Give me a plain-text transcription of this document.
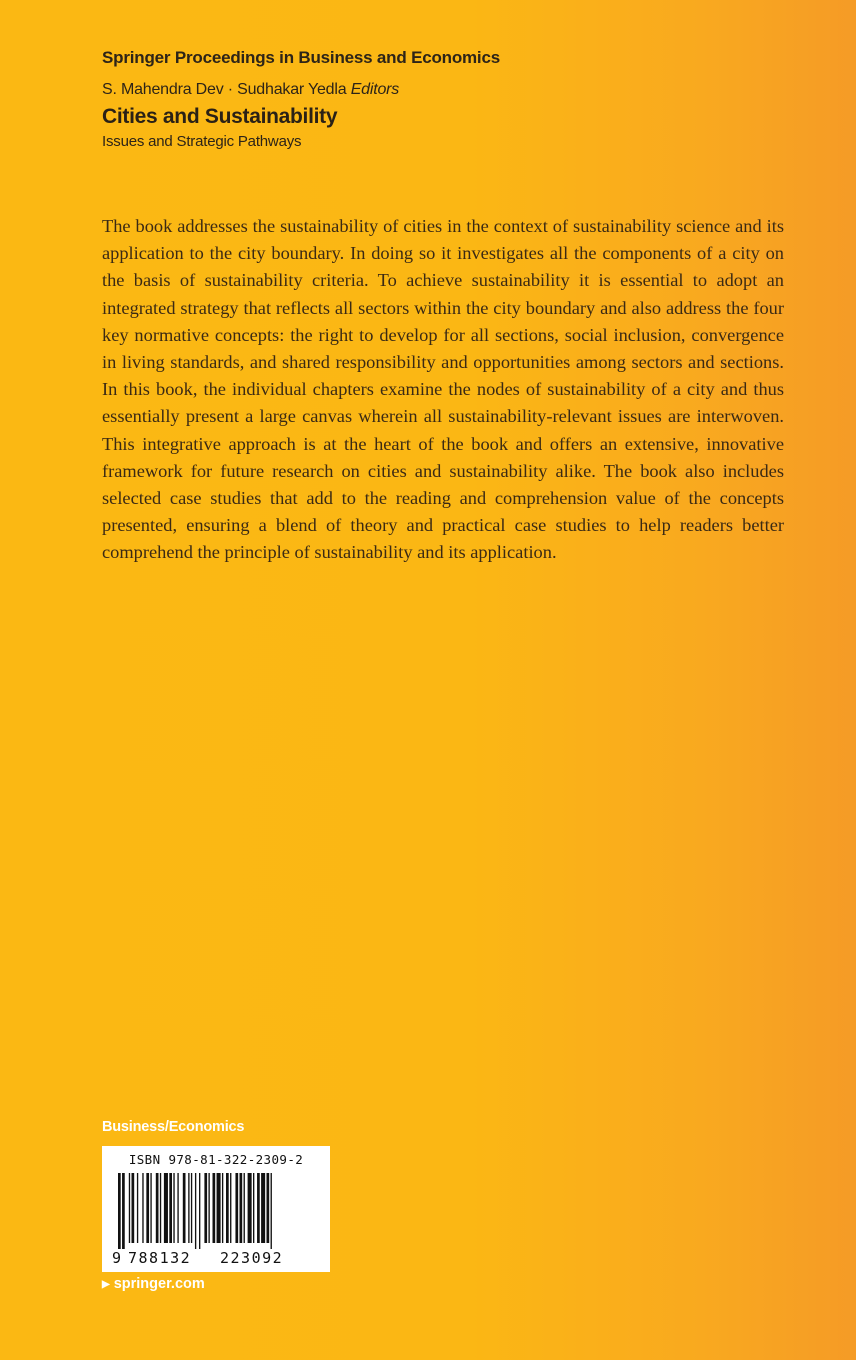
Springer Proceedings in Business and Economics
S. Mahendra Dev · Sudhakar Yedla Editors
Cities and Sustainability
Issues and Strategic Pathways

The book addresses the sustainability of cities in the context of sustainability science and its application to the city boundary. In doing so it investigates all the components of a city on the basis of sustainability criteria. To achieve sustainability it is essential to adopt an integrated strategy that reflects all sectors within the city boundary and also address the four key normative concepts: the right to develop for all sections, social inclusion, convergence in living standards, and shared responsibility and opportunities among sectors and sections. In this book, the individual chapters examine the nodes of sustainability of a city and thus essentially present a large canvas wherein all sustainability-relevant issues are interwoven. This integrative approach is at the heart of the book and offers an extensive, innovative framework for future research on cities and sustainability alike. The book also includes selected case studies that add to the reading and comprehension value of the concepts presented, ensuring a blend of theory and practical case studies to help readers better comprehend the principle of sustainability and its application.

Business/Economics
ISBN 978-81-322-2309-2
9 788132 223092
▶ springer.com
